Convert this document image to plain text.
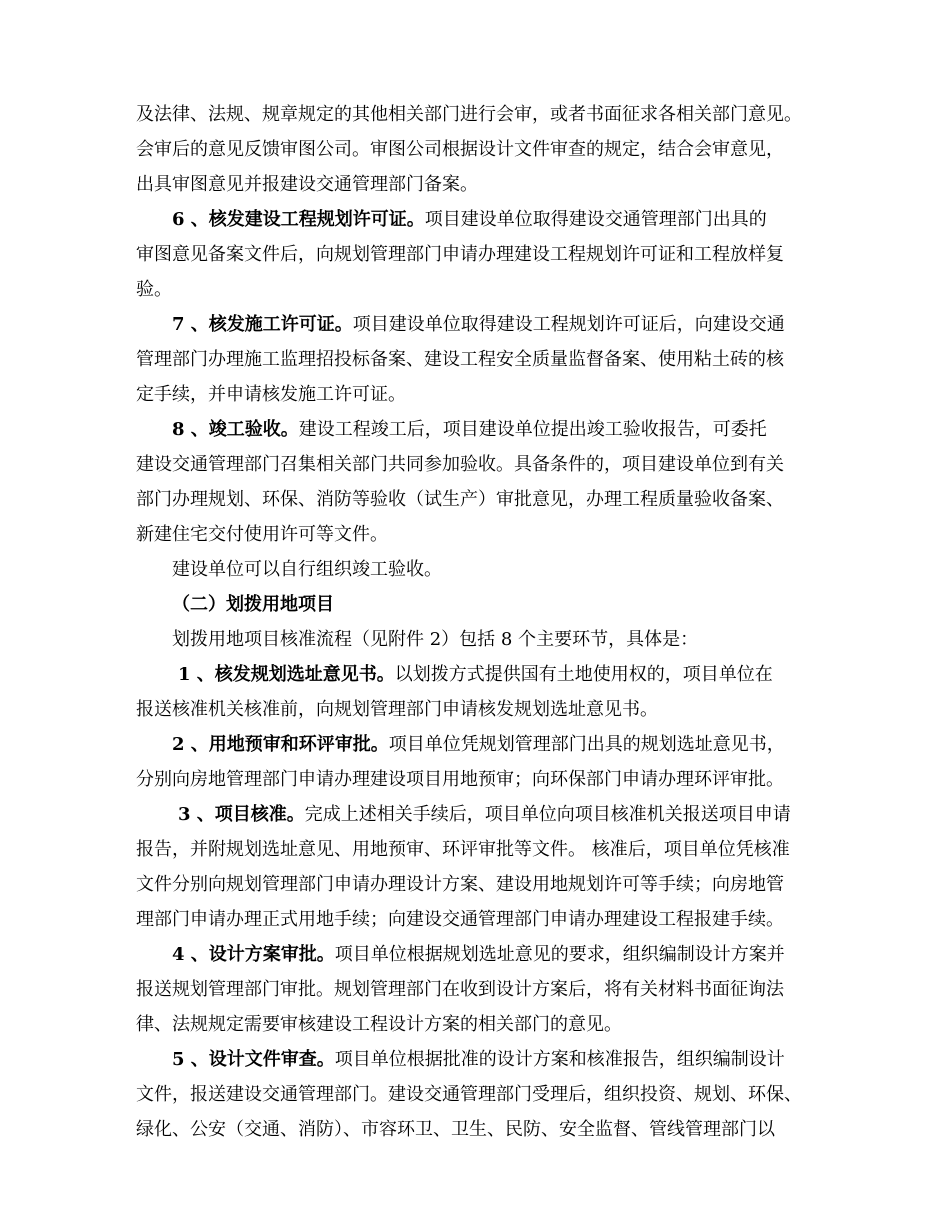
及法律、法规、规章规定的其他相关部门进行会审，或者书面征求各相关部门意见。
会审后的意见反馈审图公司。审图公司根据设计文件审查的规定，结合会审意见，
出具审图意见并报建设交通管理部门备案。
6 、核发建设工程规划许可证。项目建设单位取得建设交通管理部门出具的
审图意见备案文件后，向规划管理部门申请办理建设工程规划许可证和工程放样复
验。
7 、核发施工许可证。项目建设单位取得建设工程规划许可证后，向建设交通
管理部门办理施工监理招投标备案、建设工程安全质量监督备案、使用粘土砖的核
定手续，并申请核发施工许可证。
8 、竣工验收。建设工程竣工后，项目建设单位提出竣工验收报告，可委托
建设交通管理部门召集相关部门共同参加验收。具备条件的，项目建设单位到有关
部门办理规划、环保、消防等验收（试生产）审批意见，办理工程质量验收备案、
新建住宅交付使用许可等文件。
建设单位可以自行组织竣工验收。
（二）划拨用地项目
划拨用地项目核准流程（见附件 2）包括 8 个主要环节，具体是：
1 、核发规划选址意见书。以划拨方式提供国有土地使用权的，项目单位在
报送核准机关核准前，向规划管理部门申请核发规划选址意见书。
2 、用地预审和环评审批。项目单位凭规划管理部门出具的规划选址意见书，
分别向房地管理部门申请办理建设项目用地预审；向环保部门申请办理环评审批。
3 、项目核准。完成上述相关手续后，项目单位向项目核准机关报送项目申请
报告，并附规划选址意见、用地预审、环评审批等文件。 核准后，项目单位凭核准
文件分别向规划管理部门申请办理设计方案、建设用地规划许可等手续；向房地管
理部门申请办理正式用地手续；向建设交通管理部门申请办理建设工程报建手续。
4 、设计方案审批。项目单位根据规划选址意见的要求，组织编制设计方案并
报送规划管理部门审批。规划管理部门在收到设计方案后，将有关材料书面征询法
律、法规规定需要审核建设工程设计方案的相关部门的意见。
5 、设计文件审查。项目单位根据批准的设计方案和核准报告，组织编制设计
文件，报送建设交通管理部门。建设交通管理部门受理后，组织投资、规划、环保、
绿化、公安（交通、消防）、市容环卫、卫生、民防、安全监督、管线管理部门以
